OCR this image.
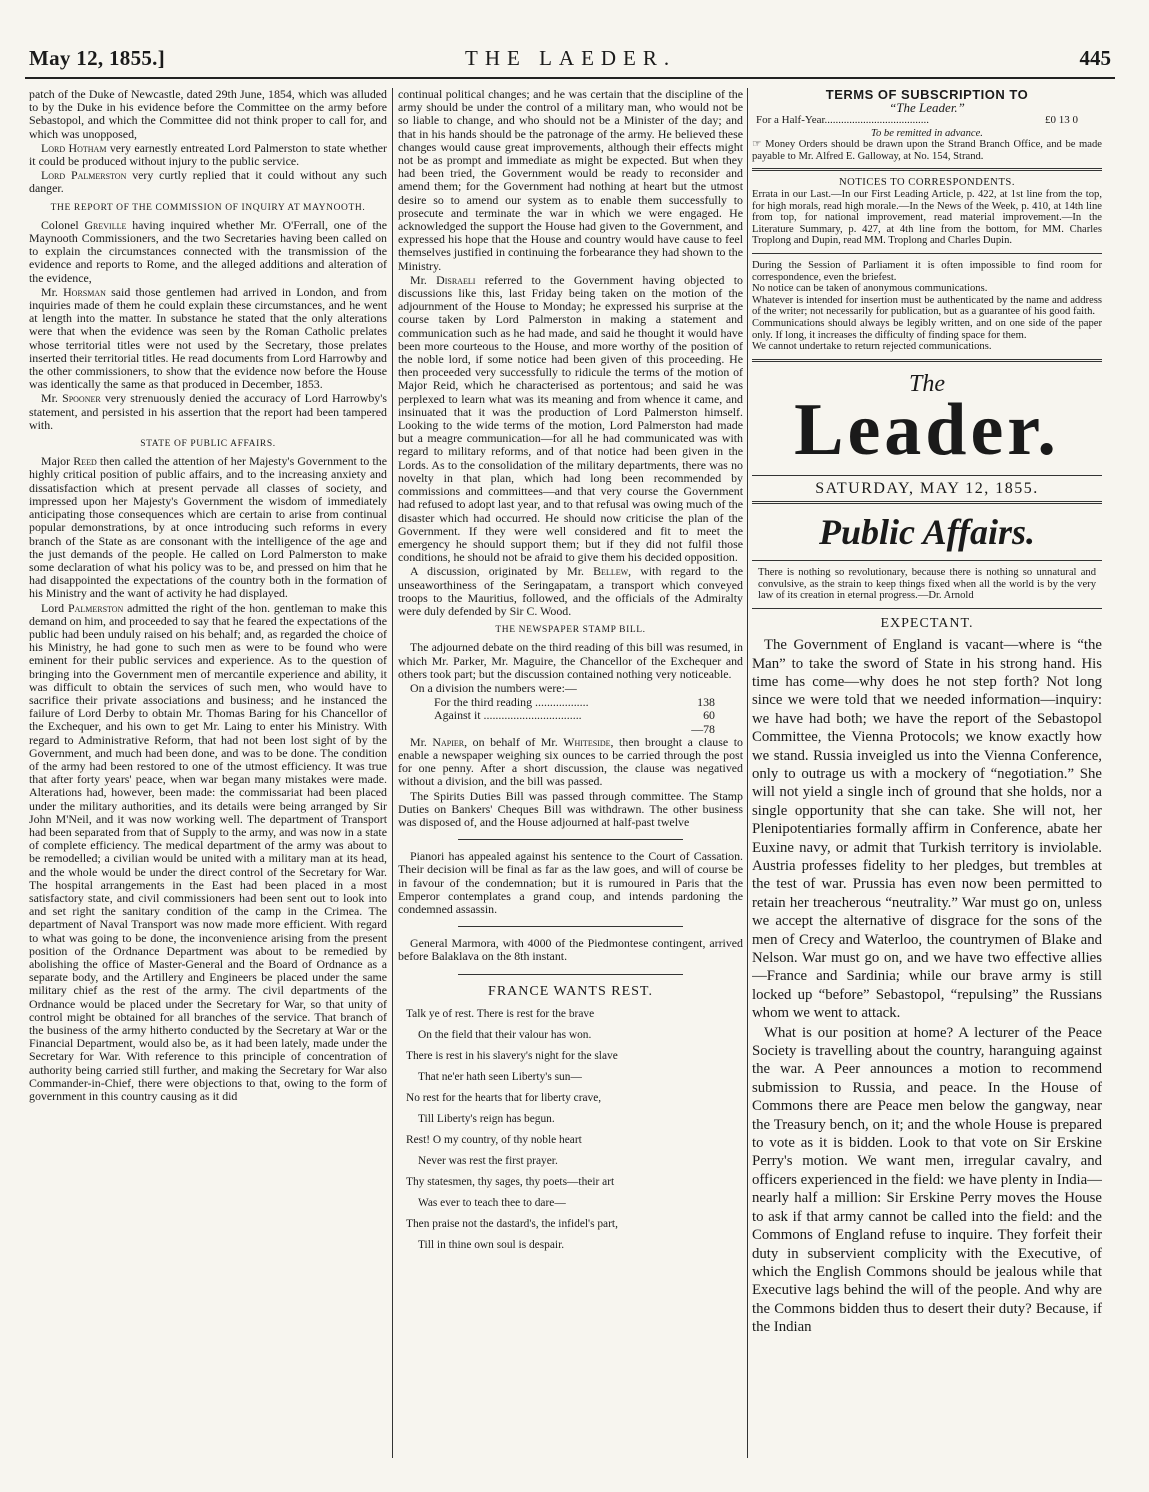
May 12, 1855.]	THE LAEDER.	445

patch of the Duke of Newcastle, dated 29th June, 1854, which was alluded to by the Duke in his evidence before the Committee on the army before Sebastopol, and which the Committee did not think proper to call for, and which was unopposed,

Lord Hotham very earnestly entreated Lord Palmerston to state whether it could be produced without injury to the public service.

Lord Palmerston very curtly replied that it could without any such danger.

THE REPORT OF THE COMMISSION OF INQUIRY AT MAYNOOTH.

Colonel Greville having inquired whether Mr. O'Ferrall, one of the Maynooth Commissioners, and the two Secretaries having been called on to explain the circumstances connected with the transmission of the evidence and reports to Rome, and the alleged additions and alteration of the evidence,

Mr. Horsman said those gentlemen had arrived in London, and from inquiries made of them he could explain these circumstances, and he went at length into the matter. In substance he stated that the only alterations were that when the evidence was seen by the Roman Catholic prelates whose territorial titles were not used by the Secretary, those prelates inserted their territorial titles. He read documents from Lord Harrowby and the other commissioners, to show that the evidence now before the House was identically the same as that produced in December, 1853.

Mr. Spooner very strenuously denied the accuracy of Lord Harrowby's statement, and persisted in his assertion that the report had been tampered with.

STATE OF PUBLIC AFFAIRS.

Major Reed then called the attention of her Majesty's Government to the highly critical position of public affairs, and to the increasing anxiety and dissatisfaction which at present pervade all classes of society, and impressed upon her Majesty's Government the wisdom of immediately anticipating those consequences which are certain to arise from continual popular demonstrations, by at once introducing such reforms in every branch of the State as are consonant with the intelligence of the age and the just demands of the people. He called on Lord Palmerston to make some declaration of what his policy was to be, and pressed on him that he had disappointed the expectations of the country both in the formation of his Ministry and the want of activity he had displayed.

Lord Palmerston admitted the right of the hon. gentleman to make this demand on him, and proceeded to say that he feared the expectations of the public had been unduly raised on his behalf; and, as regarded the choice of his Ministry, he had gone to such men as were to be found who were eminent for their public services and experience. As to the question of bringing into the Government men of mercantile experience and ability, it was difficult to obtain the services of such men, who would have to sacrifice their private associations and business; and he instanced the failure of Lord Derby to obtain Mr. Thomas Baring for his Chancellor of the Exchequer, and his own to get Mr. Laing to enter his Ministry. With regard to Administrative Reform, that had not been lost sight of by the Government, and much had been done, and was to be done. The condition of the army had been restored to one of the utmost efficiency. It was true that after forty years' peace, when war began many mistakes were made. Alterations had, however, been made: the commissariat had been placed under the military authorities, and its details were being arranged by Sir John M'Neil, and it was now working well. The department of Transport had been separated from that of Supply to the army, and was now in a state of complete efficiency. The medical department of the army was about to be remodelled; a civilian would be united with a military man at its head, and the whole would be under the direct control of the Secretary for War. The hospital arrangements in the East had been placed in a most satisfactory state, and civil commissioners had been sent out to look into and set right the sanitary condition of the camp in the Crimea. The department of Naval Transport was now made more efficient. With regard to what was going to be done, the inconvenience arising from the present position of the Ordnance Department was about to be remedied by abolishing the office of Master-General and the Board of Ordnance as a separate body, and the Artillery and Engineers be placed under the same military chief as the rest of the army. The civil departments of the Ordnance would be placed under the Secretary for War, so that unity of control might be obtained for all branches of the service. That branch of the business of the army hitherto conducted by the Secretary at War or the Financial Department, would also be, as it had been lately, made under the Secretary for War. With reference to this principle of concentration of authority being carried still further, and making the Secretary for War also Commander-in-Chief, there were objections to that, owing to the form of government in this country causing as it did

continual political changes; and he was certain that the discipline of the army should be under the control of a military man, who would not be so liable to change, and who should not be a Minister of the day; and that in his hands should be the patronage of the army. He believed these changes would cause great improvements, although their effects might not be as prompt and immediate as might be expected. But when they had been tried, the Government would be ready to reconsider and amend them; for the Government had nothing at heart but the utmost desire so to amend our system as to enable them successfully to prosecute and terminate the war in which we were engaged. He acknowledged the support the House had given to the Government, and expressed his hope that the House and country would have cause to feel themselves justified in continuing the forbearance they had shown to the Ministry.

Mr. Disraeli referred to the Government having objected to discussions like this, last Friday being taken on the motion of the adjournment of the House to Monday; he expressed his surprise at the course taken by Lord Palmerston in making a statement and communication such as he had made, and said he thought it would have been more courteous to the House, and more worthy of the position of the noble lord, if some notice had been given of this proceeding. He then proceeded very successfully to ridicule the terms of the motion of Major Reid, which he characterised as portentous; and said he was perplexed to learn what was its meaning and from whence it came, and insinuated that it was the production of Lord Palmerston himself. Looking to the wide terms of the motion, Lord Palmerston had made but a meagre communication—for all he had communicated was with regard to military reforms, and of that notice had been given in the Lords. As to the consolidation of the military departments, there was no novelty in that plan, which had long been recommended by commissions and committees—and that very course the Government had refused to adopt last year, and to that refusal was owing much of the disaster which had occurred. He should now criticise the plan of the Government. If they were well considered and fit to meet the emergency he should support them; but if they did not fulfil those conditions, he should not be afraid to give them his decided opposition.

A discussion, originated by Mr. Bellew, with regard to the unseaworthiness of the Seringapatam, a transport which conveyed troops to the Mauritius, followed, and the officials of the Admiralty were duly defended by Sir C. Wood.

THE NEWSPAPER STAMP BILL.

The adjourned debate on the third reading of this bill was resumed, in which Mr. Parker, Mr. Maguire, the Chancellor of the Exchequer and others took part; but the discussion contained nothing very noticeable.

On a division the numbers were:—

For the third reading ..................	138
Against it .................................	60
—78

Mr. Napier, on behalf of Mr. Whiteside, then brought a clause to enable a newspaper weighing six ounces to be carried through the post for one penny. After a short discussion, the clause was negatived without a division, and the bill was passed.

The Spirits Duties Bill was passed through committee. The Stamp Duties on Bankers' Cheques Bill was withdrawn. The other business was disposed of, and the House adjourned at half-past twelve

Pianori has appealed against his sentence to the Court of Cassation. Their decision will be final as far as the law goes, and will of course be in favour of the condemnation; but it is rumoured in Paris that the Emperor contemplates a grand coup, and intends pardoning the condemned assassin.

General Marmora, with 4000 of the Piedmontese contingent, arrived before Balaklava on the 8th instant.

FRANCE WANTS REST.
Talk ye of rest. There is rest for the brave
On the field that their valour has won.
There is rest in his slavery's night for the slave
That ne'er hath seen Liberty's sun—
No rest for the hearts that for liberty crave,
Till Liberty's reign has begun.
Rest! O my country, of thy noble heart
Never was rest the first prayer.
Thy statesmen, thy sages, thy poets—their art
Was ever to teach thee to dare—
Then praise not the dastard's, the infidel's part,
Till in thine own soul is despair.
TERMS OF SUBSCRIPTION TO
“The Leader.”
For a Half-Year......................................	£0 13 0
To be remitted in advance.
☞ Money Orders should be drawn upon the Strand Branch Office, and be made payable to Mr. Alfred E. Galloway, at No. 154, Strand.
NOTICES TO CORRESPONDENTS.
Errata in our Last.—In our First Leading Article, p. 422, at 1st line from the top, for high morals, read high morale.—In the News of the Week, p. 410, at 14th line from top, for national improvement, read material improvement.—In the Literature Summary, p. 427, at 4th line from the bottom, for MM. Charles Troplong and Dupin, read MM. Troplong and Charles Dupin.
During the Session of Parliament it is often impossible to find room for correspondence, even the briefest.
No notice can be taken of anonymous communications.
Whatever is intended for insertion must be authenticated by the name and address of the writer; not necessarily for publication, but as a guarantee of his good faith.
Communications should always be legibly written, and on one side of the paper only. If long, it increases the difficulty of finding space for them.
We cannot undertake to return rejected communications.
The
Leader.
SATURDAY, MAY 12, 1855.
Public Affairs.
There is nothing so revolutionary, because there is nothing so unnatural and convulsive, as the strain to keep things fixed when all the world is by the very law of its creation in eternal progress.—Dr. Arnold
EXPECTANT.

The Government of England is vacant—where is “the Man” to take the sword of State in his strong hand. His time has come—why does he not step forth? Not long since we were told that we needed information—inquiry: we have had both; we have the report of the Sebastopol Committee, the Vienna Protocols; we know exactly how we stand. Russia inveigled us into the Vienna Conference, only to outrage us with a mockery of “negotiation.” She will not yield a single inch of ground that she holds, nor a single opportunity that she can take. She will not, her Plenipotentiaries formally affirm in Conference, abate her Euxine navy, or admit that Turkish territory is inviolable. Austria professes fidelity to her pledges, but trembles at the test of war. Prussia has even now been permitted to retain her treacherous “neutrality.” War must go on, unless we accept the alternative of disgrace for the sons of the men of Crecy and Waterloo, the countrymen of Blake and Nelson. War must go on, and we have two effective allies—France and Sardinia; while our brave army is still locked up “before” Sebastopol, “repulsing” the Russians whom we went to attack.

What is our position at home? A lecturer of the Peace Society is travelling about the country, haranguing against the war. A Peer announces a motion to recommend submission to Russia, and peace. In the House of Commons there are Peace men below the gangway, near the Treasury bench, on it; and the whole House is prepared to vote as it is bidden. Look to that vote on Sir Erskine Perry's motion. We want men, irregular cavalry, and officers experienced in the field: we have plenty in India—nearly half a million: Sir Erskine Perry moves the House to ask if that army cannot be called into the field: and the Commons of England refuse to inquire. They forfeit their duty in subservient complicity with the Executive, of which the English Commons should be jealous while that Executive lags behind the will of the people. And why are the Commons bidden thus to desert their duty? Because, if the Indian
